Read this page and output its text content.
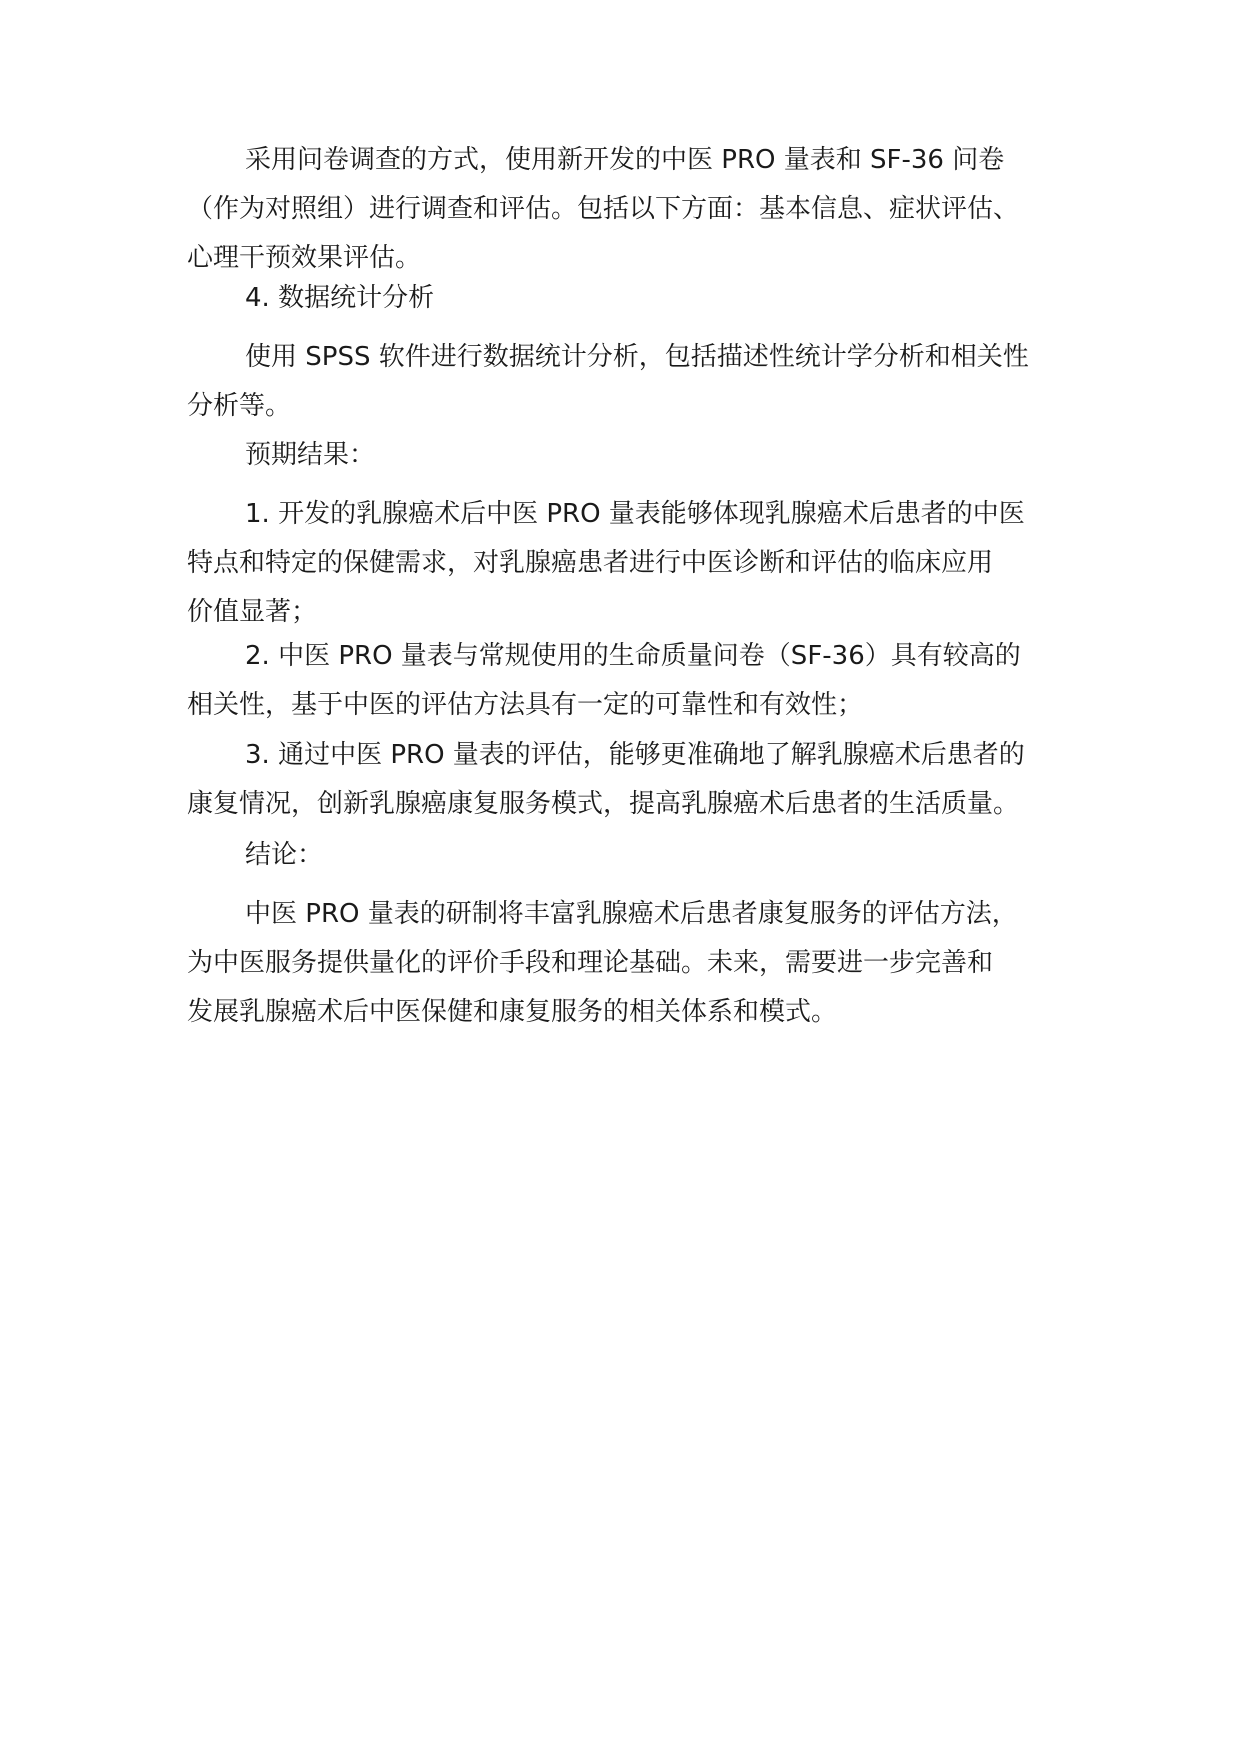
采用问卷调查的方式，使用新开发的中医 PRO 量表和 SF-36 问卷
（作为对照组）进行调查和评估。包括以下方面：基本信息、症状评估、
心理干预效果评估。

4. 数据统计分析

使用 SPSS 软件进行数据统计分析，包括描述性统计学分析和相关性
分析等。

预期结果：

1. 开发的乳腺癌术后中医 PRO 量表能够体现乳腺癌术后患者的中医
特点和特定的保健需求，对乳腺癌患者进行中医诊断和评估的临床应用
价值显著；

2. 中医 PRO 量表与常规使用的生命质量问卷（SF-36）具有较高的
相关性，基于中医的评估方法具有一定的可靠性和有效性；

3. 通过中医 PRO 量表的评估，能够更准确地了解乳腺癌术后患者的
康复情况，创新乳腺癌康复服务模式，提高乳腺癌术后患者的生活质量。

结论：

中医 PRO 量表的研制将丰富乳腺癌术后患者康复服务的评估方法，
为中医服务提供量化的评价手段和理论基础。未来，需要进一步完善和
发展乳腺癌术后中医保健和康复服务的相关体系和模式。
